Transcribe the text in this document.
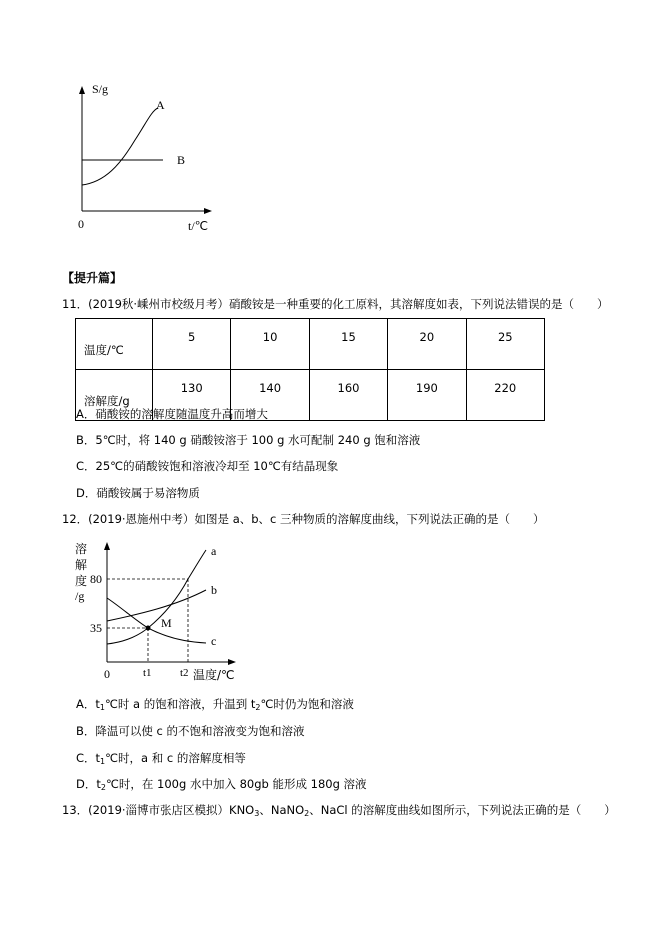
S/g
A
B
0	t/℃
【提升篇】
11．(2019秋·嵊州市校级月考）硝酸铵是一种重要的化工原料，其溶解度如表，下列说法错误的是（　　）
温度/℃	5	10	15	20	25
溶解度/g	130	140	160	190	220
A．硝酸铵的溶解度随温度升高而增大
B．5℃时，将 140 g 硝酸铵溶于 100 g 水可配制 240 g 饱和溶液
C．25℃的硝酸铵饱和溶液冷却至 10℃有结晶现象
D．硝酸铵属于易溶物质
12．(2019·恩施州中考）如图是 a、b、c 三种物质的溶解度曲线，下列说法正确的是（　　）
溶
解
度
/g
80
35
0	t1	t2 温度/℃
M
a
b
c
A．$t_1℃$时 a 的饱和溶液，升温到 $t_2℃$时仍为饱和溶液
B．降温可以使 c 的不饱和溶液变为饱和溶液
C．$t_1℃$时，a 和 c 的溶解度相等
D．$t_2℃$时，在 100g 水中加入 80gb 能形成 180g 溶液
13．(2019·淄博市张店区模拟）$KNO_3$、NaNO$_2$、NaCl 的溶解度曲线如图所示，下列说法正确的是（　　）
